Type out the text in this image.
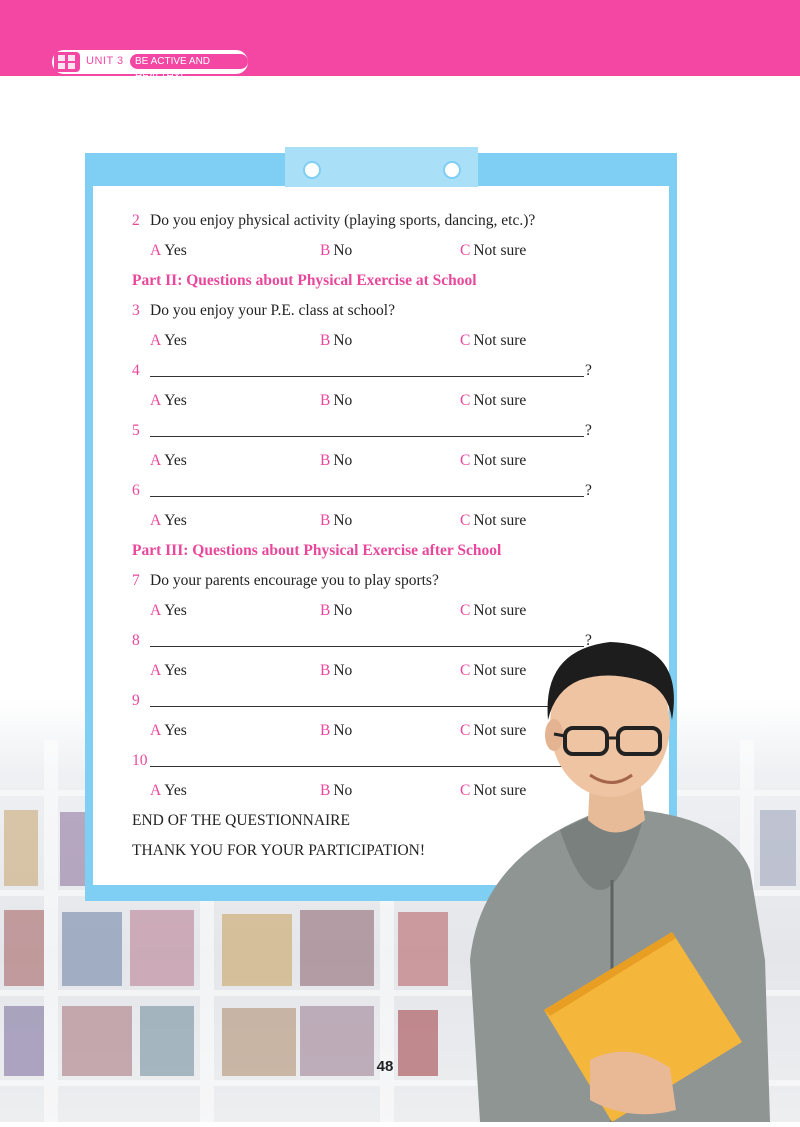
UNIT 3	BE ACTIVE AND HEALTHY!
2 Do you enjoy physical activity (playing sports, dancing, etc.)?
A Yes	B No	C Not sure
Part II: Questions about Physical Exercise at School
3 Do you enjoy your P.E. class at school?
A Yes	B No	C Not sure
4	?
A Yes	B No	C Not sure
5	?
A Yes	B No	C Not sure
6	?
A Yes	B No	C Not sure
Part III: Questions about Physical Exercise after School
7 Do your parents encourage you to play sports?
A Yes	B No	C Not sure
8	?
A Yes	B No	C Not sure
9
A Yes	B No	C Not sure
10
A Yes	B No	C Not sure
END OF THE QUESTIONNAIRE
THANK YOU FOR YOUR PARTICIPATION!
48
